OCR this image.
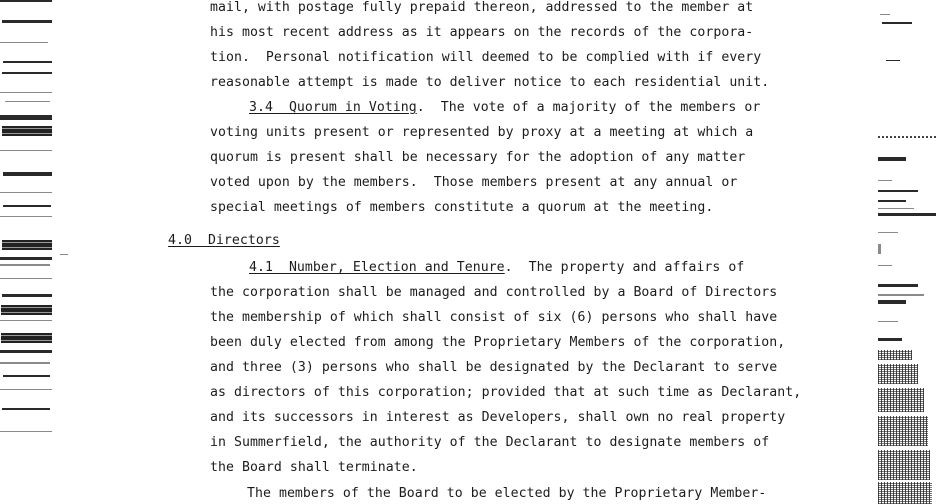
mail, with postage fully prepaid thereon, addressed to the member at
his most recent address as it appears on the records of the corpora-
tion.  Personal notification will deemed to be complied with if every
reasonable attempt is made to deliver notice to each residential unit.
3.4  Quorum in Voting.  The vote of a majority of the members or
voting units present or represented by proxy at a meeting at which a
quorum is present shall be necessary for the adoption of any matter
voted upon by the members.  Those members present at any annual or
special meetings of members constitute a quorum at the meeting.
4.0 Directors
4.1  Number, Election and Tenure.  The property and affairs of
the corporation shall be managed and controlled by a Board of Directors
the membership of which shall consist of six (6) persons who shall have
been duly elected from among the Proprietary Members of the corporation,
and three (3) persons who shall be designated by the Declarant to serve
as directors of this corporation; provided that at such time as Declarant,
and its successors in interest as Developers, shall own no real property
in Summerfield, the authority of the Declarant to designate members of
the Board shall terminate.
The members of the Board to be elected by the Proprietary Member-
